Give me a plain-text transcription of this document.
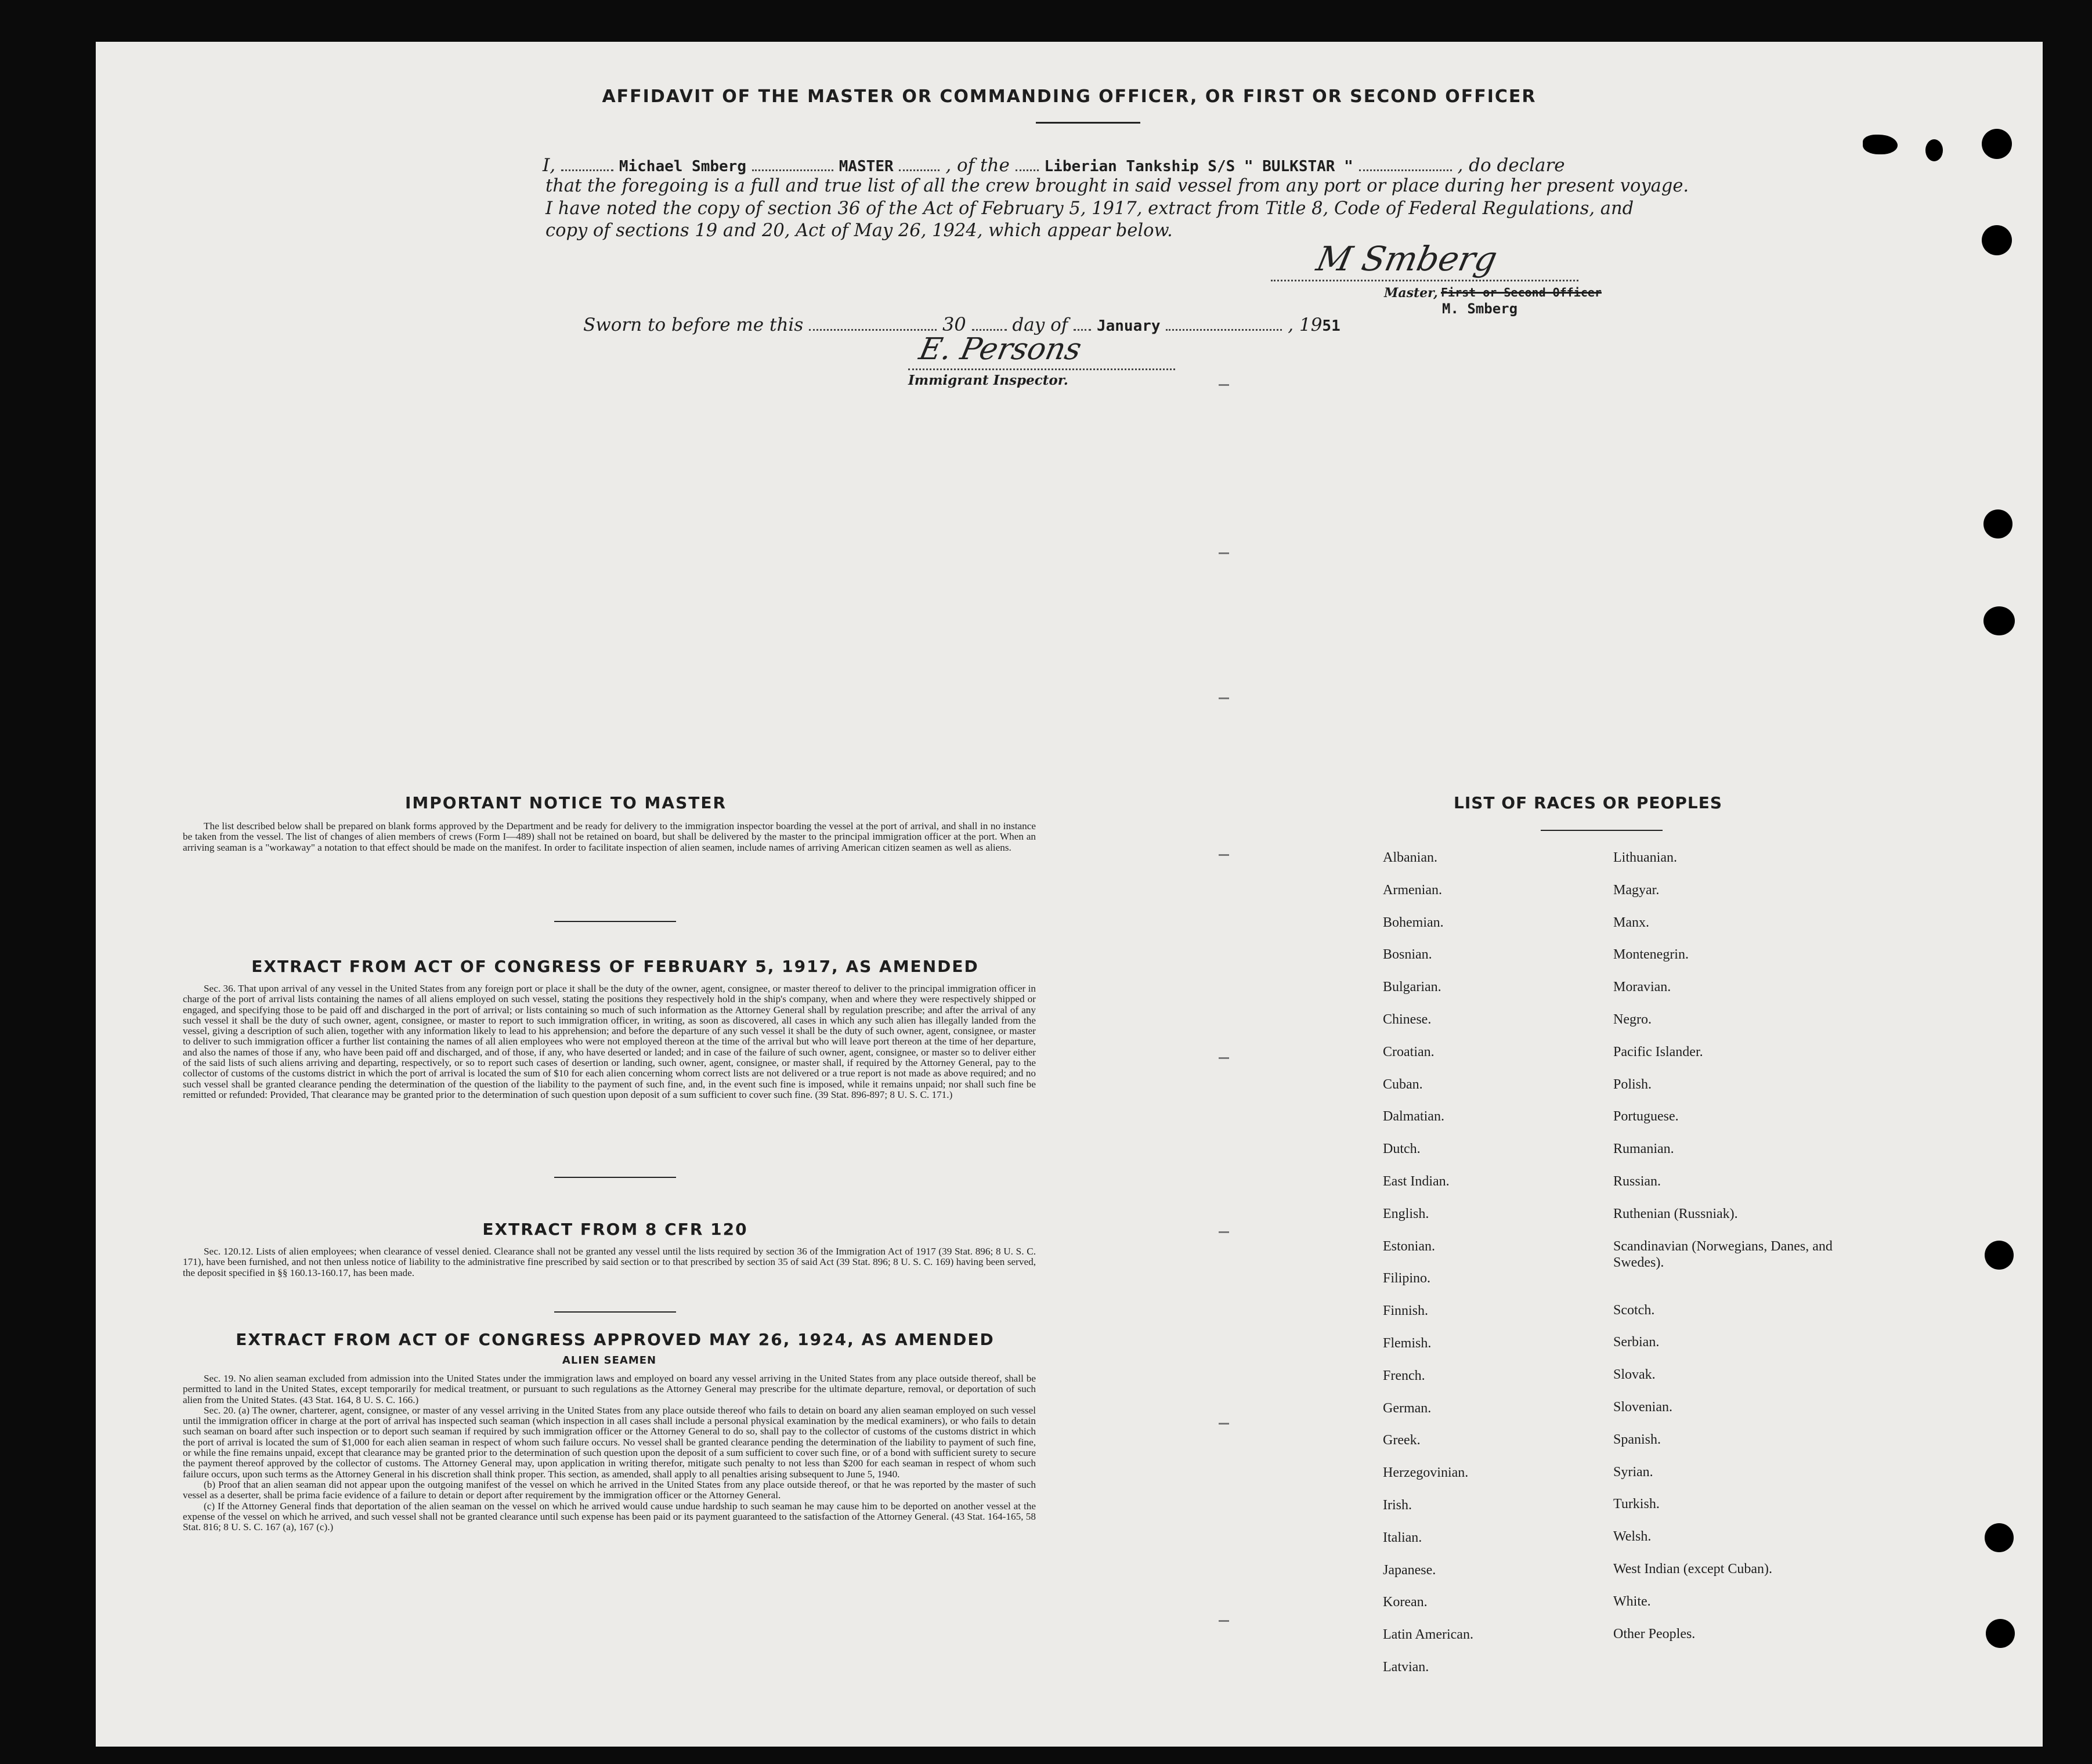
AFFIDAVIT OF THE MASTER OR COMMANDING OFFICER, OR FIRST OR SECOND OFFICER
I,	Michael Smberg	MASTER	, of the Liberian Tankship S/S " BULKSTAR "	, do declare
that the foregoing is a full and true list of all the crew brought in said vessel from any port or place during her present voyage.
I have noted the copy of section 36 of the Act of February 5, 1917, extract from Title 8, Code of Federal Regulations, and
copy of sections 19 and 20, Act of May 26, 1924, which appear below.
M Smberg
Master, First or Second Officer
M. Smberg
Sworn to before me this	30	day of January	, 1951
E. Persons
Immigrant Inspector.
IMPORTANT NOTICE TO MASTER

The list described below shall be prepared on blank forms approved by the Department and be ready for delivery to the immigration inspector boarding the vessel at the port of arrival, and shall in no instance be taken from the vessel. The list of changes of alien members of crews (Form I—489) shall not be retained on board, but shall be delivered by the master to the principal immigration officer at the port. When an arriving seaman is a "workaway" a notation to that effect should be made on the manifest. In order to facilitate inspection of alien seamen, include names of arriving American citizen seamen as well as aliens.

EXTRACT FROM ACT OF CONGRESS OF FEBRUARY 5, 1917, AS AMENDED

Sec. 36. That upon arrival of any vessel in the United States from any foreign port or place it shall be the duty of the owner, agent, consignee, or master thereof to deliver to the principal immigration officer in charge of the port of arrival lists containing the names of all aliens employed on such vessel, stating the positions they respectively hold in the ship's company, when and where they were respectively shipped or engaged, and specifying those to be paid off and discharged in the port of arrival; or lists containing so much of such information as the Attorney General shall by regulation prescribe; and after the arrival of any such vessel it shall be the duty of such owner, agent, consignee, or master to report to such immigration officer, in writing, as soon as discovered, all cases in which any such alien has illegally landed from the vessel, giving a description of such alien, together with any information likely to lead to his apprehension; and before the departure of any such vessel it shall be the duty of such owner, agent, consignee, or master to deliver to such immigration officer a further list containing the names of all alien employees who were not employed thereon at the time of the arrival but who will leave port thereon at the time of her departure, and also the names of those if any, who have been paid off and discharged, and of those, if any, who have deserted or landed; and in case of the failure of such owner, agent, consignee, or master so to deliver either of the said lists of such aliens arriving and departing, respectively, or so to report such cases of desertion or landing, such owner, agent, consignee, or master shall, if required by the Attorney General, pay to the collector of customs of the customs district in which the port of arrival is located the sum of $10 for each alien concerning whom correct lists are not delivered or a true report is not made as above required; and no such vessel shall be granted clearance pending the determination of the question of the liability to the payment of such fine, and, in the event such fine is imposed, while it remains unpaid; nor shall such fine be remitted or refunded: Provided, That clearance may be granted prior to the determination of such question upon deposit of a sum sufficient to cover such fine. (39 Stat. 896-897; 8 U. S. C. 171.)

EXTRACT FROM 8 CFR 120

Sec. 120.12. Lists of alien employees; when clearance of vessel denied. Clearance shall not be granted any vessel until the lists required by section 36 of the Immigration Act of 1917 (39 Stat. 896; 8 U. S. C. 171), have been furnished, and not then unless notice of liability to the administrative fine prescribed by said section or to that prescribed by section 35 of said Act (39 Stat. 896; 8 U. S. C. 169) having been served, the deposit specified in §§ 160.13-160.17, has been made.

EXTRACT FROM ACT OF CONGRESS APPROVED MAY 26, 1924, AS AMENDED
ALIEN SEAMEN

Sec. 19. No alien seaman excluded from admission into the United States under the immigration laws and employed on board any vessel arriving in the United States from any place outside thereof, shall be permitted to land in the United States, except temporarily for medical treatment, or pursuant to such regulations as the Attorney General may prescribe for the ultimate departure, removal, or deportation of such alien from the United States. (43 Stat. 164, 8 U. S. C. 166.)

Sec. 20. (a) The owner, charterer, agent, consignee, or master of any vessel arriving in the United States from any place outside thereof who fails to detain on board any alien seaman employed on such vessel until the immigration officer in charge at the port of arrival has inspected such seaman (which inspection in all cases shall include a personal physical examination by the medical examiners), or who fails to detain such seaman on board after such inspection or to deport such seaman if required by such immigration officer or the Attorney General to do so, shall pay to the collector of customs of the customs district in which the port of arrival is located the sum of $1,000 for each alien seaman in respect of whom such failure occurs. No vessel shall be granted clearance pending the determination of the liability to payment of such fine, or while the fine remains unpaid, except that clearance may be granted prior to the determination of such question upon the deposit of a sum sufficient to cover such fine, or of a bond with sufficient surety to secure the payment thereof approved by the collector of customs. The Attorney General may, upon application in writing therefor, mitigate such penalty to not less than $200 for each seaman in respect of whom such failure occurs, upon such terms as the Attorney General in his discretion shall think proper. This section, as amended, shall apply to all penalties arising subsequent to June 5, 1940.

(b) Proof that an alien seaman did not appear upon the outgoing manifest of the vessel on which he arrived in the United States from any place outside thereof, or that he was reported by the master of such vessel as a deserter, shall be prima facie evidence of a failure to detain or deport after requirement by the immigration officer or the Attorney General.

(c) If the Attorney General finds that deportation of the alien seaman on the vessel on which he arrived would cause undue hardship to such seaman he may cause him to be deported on another vessel at the expense of the vessel on which he arrived, and such vessel shall not be granted clearance until such expense has been paid or its payment guaranteed to the satisfaction of the Attorney General. (43 Stat. 164-165, 58 Stat. 816; 8 U. S. C. 167 (a), 167 (c).)

LIST OF RACES OR PEOPLES
Albanian.
Armenian.
Bohemian.
Bosnian.
Bulgarian.
Chinese.
Croatian.
Cuban.
Dalmatian.
Dutch.
East Indian.
English.
Estonian.
Filipino.
Finnish.
Flemish.
French.
German.
Greek.
Herzegovinian.
Irish.
Italian.
Japanese.
Korean.
Latin American.
Latvian.
Lithuanian.
Magyar.
Manx.
Montenegrin.
Moravian.
Negro.
Pacific Islander.
Polish.
Portuguese.
Rumanian.
Russian.
Ruthenian (Russniak).
Scandinavian (Norwegians, Danes, and Swedes).
Scotch.
Serbian.
Slovak.
Slovenian.
Spanish.
Syrian.
Turkish.
Welsh.
West Indian (except Cuban).
White.
Other Peoples.
